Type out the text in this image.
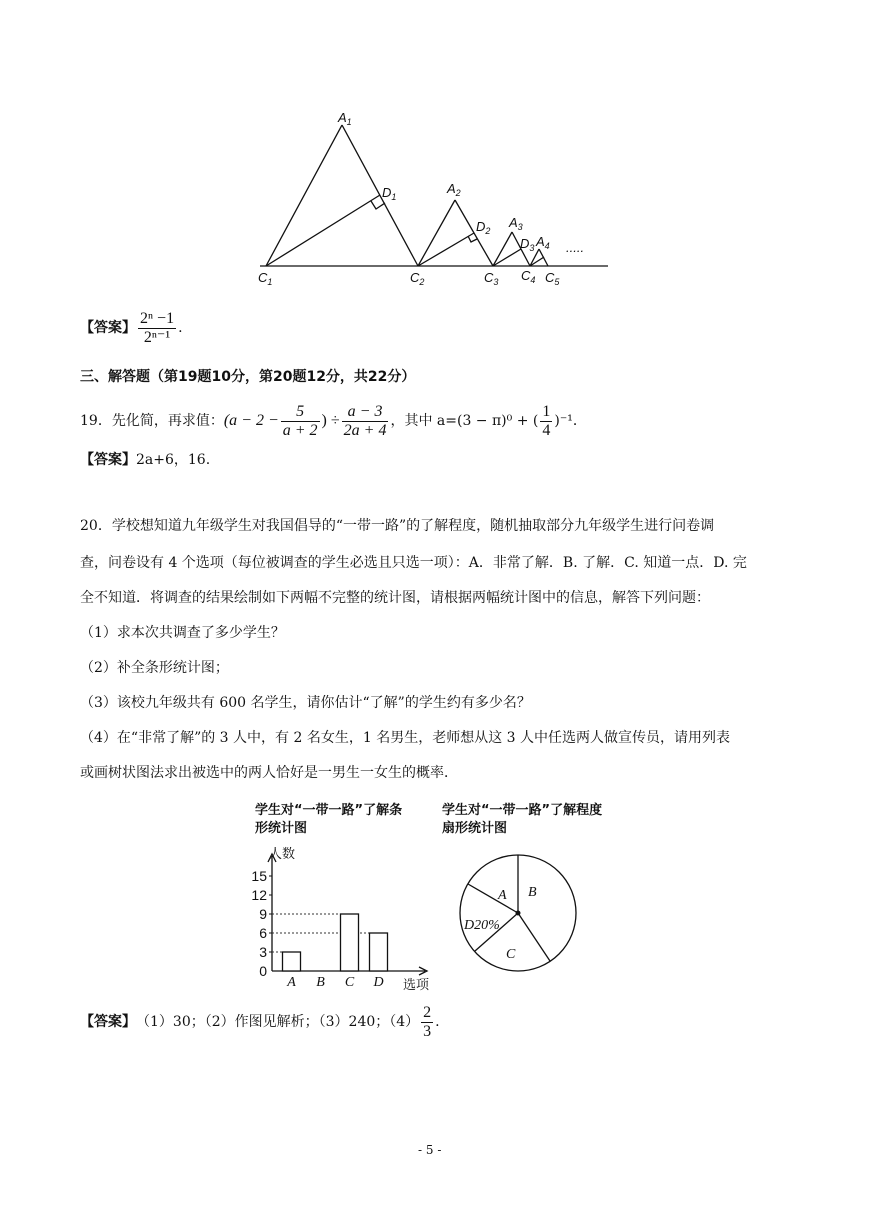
$A_1$
$D_1$
$A_2$
$D_2$
$A_3$
$D_3$ $A_4$ .....
$C_1$	$C_2$	$C_3$ $C_4$ $C_5$
【答案】 $\frac{\text{2ⁿ −1}}{\text{2ⁿ⁻¹}}$ .
三、解答题（第19题10分，第20题12分，共22分）
19．先化简，再求值： ($a - 2 - \frac{5}{a + 2}$ ) ÷ $\frac{a - 3}{2a + 4}$ ，其中 a=(3 − π)⁰ + ( $\frac{1}{4} )^{-1}$．
【答案】2a+6，16.
20．学校想知道九年级学生对我国倡导的“一带一路”的了解程度，随机抽取部分九年级学生进行问卷调
查，问卷设有 4 个选项（每位被调查的学生必选且只选一项）：A．非常了解．B. 了解．C. 知道一点．D. 完
全不知道．将调查的结果绘制如下两幅不完整的统计图，请根据两幅统计图中的信息，解答下列问题：
（1）求本次共调查了多少学生？
（2）补全条形统计图；
（3）该校九年级共有 600 名学生，请你估计“了解”的学生约有多少名？
（4）在“非常了解”的 3 人中，有 2 名女生，1 名男生，老师想从这 3 人中任选两人做宣传员，请用列表
或画树状图法求出被选中的两人恰好是一男生一女生的概率．
学生对“一带一路”了解条
形统计图
人数
选项
0
3
6
9
12
15
A B C D
学生对“一带一路”了解程度
扇形统计图
A B
C
D20%
【答案】 （1）30；（2）作图见解析；（3）240；$(4) \frac{2}{3}$ .
- 5 -
